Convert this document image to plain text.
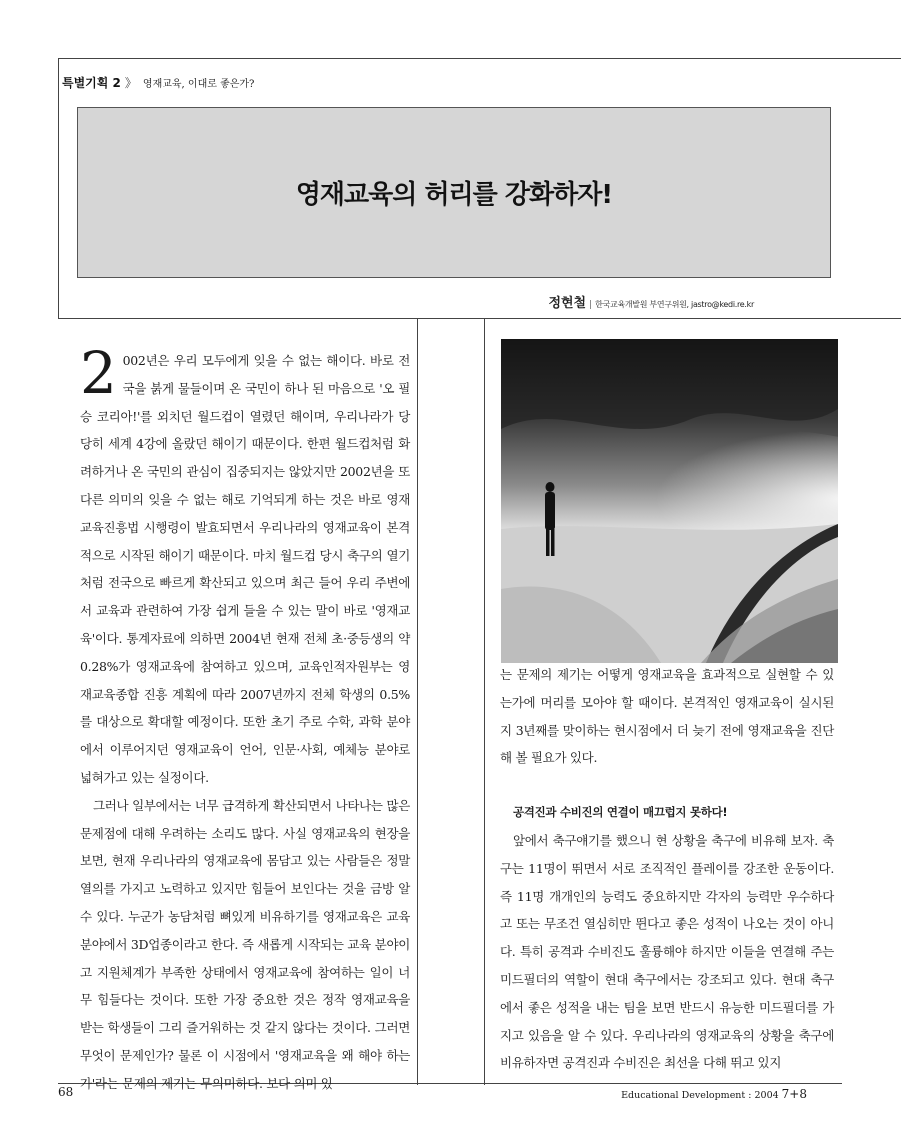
특별기획 2 》 영재교육, 이대로 좋은가?
영재교육의 허리를 강화하자!
정현철 | 한국교육개발원 부연구위원, jastro@kedi.re.kr
2 002년은 우리 모두에게 잊을 수 없는 해이다. 바로 전국을 붉게 물들이며 온 국민이 하나 된 마음으로 '오 필승 코리아!'를 외치던 월드컵이 열렸던 해이며, 우리나라가 당당히 세계 4강에 올랐던 해이기 때문이다. 한편 월드컵처럼 화려하거나 온 국민의 관심이 집중되지는 않았지만 2002년을 또 다른 의미의 잊을 수 없는 해로 기억되게 하는 것은 바로 영재교육진흥법 시행령이 발효되면서 우리나라의 영재교육이 본격적으로 시작된 해이기 때문이다. 마치 월드컵 당시 축구의 열기처럼 전국으로 빠르게 확산되고 있으며 최근 들어 우리 주변에서 교육과 관련하여 가장 쉽게 들을 수 있는 말이 바로 '영재교육'이다. 통계자료에 의하면 2004년 현재 전체 초·중등생의 약 0.28%가 영재교육에 참여하고 있으며, 교육인적자원부는 영재교육종합 진흥 계획에 따라 2007년까지 전체 학생의 0.5%를 대상으로 확대할 예정이다. 또한 초기 주로 수학, 과학 분야에서 이루어지던 영재교육이 언어, 인문·사회, 예체능 분야로 넓혀가고 있는 실정이다.

그러나 일부에서는 너무 급격하게 확산되면서 나타나는 많은 문제점에 대해 우려하는 소리도 많다. 사실 영재교육의 현장을 보면, 현재 우리나라의 영재교육에 몸담고 있는 사람들은 정말 열의를 가지고 노력하고 있지만 힘들어 보인다는 것을 금방 알 수 있다. 누군가 농담처럼 뼈있게 비유하기를 영재교육은 교육 분야에서 3D업종이라고 한다. 즉 새롭게 시작되는 교육 분야이고 지원체계가 부족한 상태에서 영재교육에 참여하는 일이 너무 힘들다는 것이다. 또한 가장 중요한 것은 정작 영재교육을 받는 학생들이 그리 즐거워하는 것 같지 않다는 것이다. 그러면 무엇이 문제인가? 물론 이 시점에서 '영재교육을 왜 해야 하는가'라는 문제의 제기는 무의미하다. 보다 의미 있

는 문제의 제기는 어떻게 영재교육을 효과적으로 실현할 수 있는가에 머리를 모아야 할 때이다. 본격적인 영재교육이 실시된 지 3년째를 맞이하는 현시점에서 더 늦기 전에 영재교육을 진단해 볼 필요가 있다.

공격진과 수비진의 연결이 매끄럽지 못하다!

앞에서 축구얘기를 했으니 현 상황을 축구에 비유해 보자. 축구는 11명이 뛰면서 서로 조직적인 플레이를 강조한 운동이다. 즉 11명 개개인의 능력도 중요하지만 각자의 능력만 우수하다고 또는 무조건 열심히만 뛴다고 좋은 성적이 나오는 것이 아니다. 특히 공격과 수비진도 훌륭해야 하지만 이들을 연결해 주는 미드필더의 역할이 현대 축구에서는 강조되고 있다. 현대 축구에서 좋은 성적을 내는 팀을 보면 반드시 유능한 미드필더를 가지고 있음을 알 수 있다. 우리나라의 영재교육의 상황을 축구에 비유하자면 공격진과 수비진은 최선을 다해 뛰고 있지

68	Educational Development : 2004 7+8
